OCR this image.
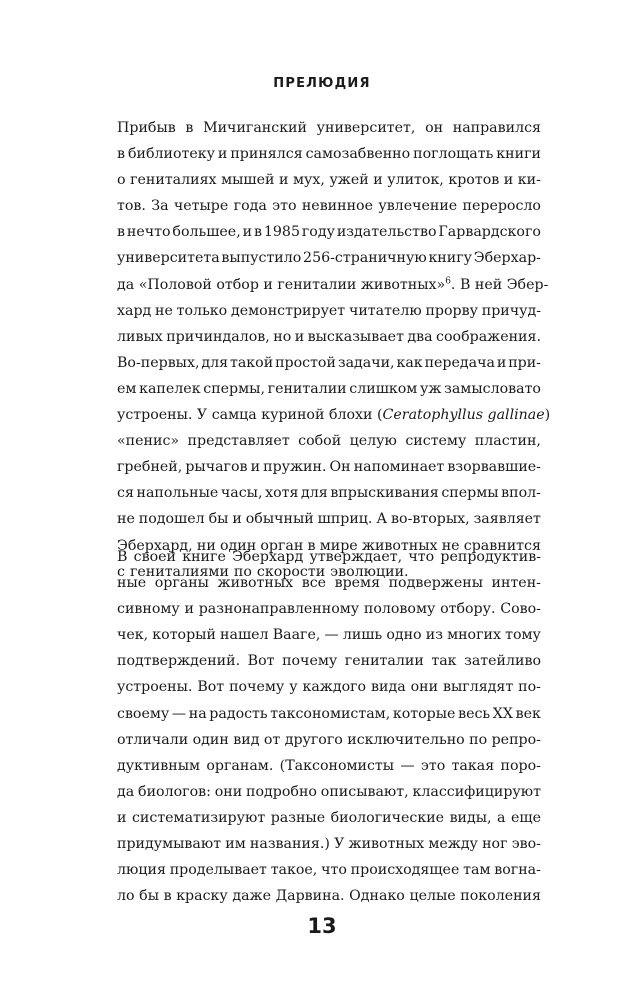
ПРЕЛЮДИЯ
Прибыв в Мичиганский университет, он направился
в библиотеку и принялся самозабвенно поглощать книги
о гениталиях мышей и мух, ужей и улиток, кротов и ки-
тов. За четыре года это невинное увлечение переросло
в нечто большее, и в 1985 году издательство Гарвардского
университета выпустило 256-страничную книгу Эберхар-
да «Половой отбор и гениталии животных» $^6$. В ней Эбер-
хард не только демонстрирует читателю прорву причуд-
ливых причиндалов, но и высказывает два соображения.
Во-первых, для такой простой задачи, как передача и при-
ем капелек спермы, гениталии слишком уж замысловато
устроены. У самца куриной блохи ( Ceratophyllus gallinae)
«пенис» представляет собой целую систему пластин,
гребней, рычагов и пружин. Он напоминает взорвавшие-
ся напольные часы, хотя для впрыскивания спермы впол-
не подошел бы и обычный шприц. А во-вторых, заявляет
Эберхард, ни один орган в мире животных не сравнится
с гениталиями по скорости эволюции.
В своей книге Эберхард утверждает, что репродуктив-
ные органы животных все время подвержены интен-
сивному и разнонаправленному половому отбору. Сово-
чек, который нашел Вааге, — лишь одно из многих тому
подтверждений. Вот почему гениталии так затейливо
устроены. Вот почему у каждого вида они выглядят по-
своему — на радость таксономистам, которые весь XX век
отличали один вид от другого исключительно по репро-
дуктивным органам. (Таксономисты — это такая поро-
да биологов: они подробно описывают, классифицируют
и систематизируют разные биологические виды, а еще
придумывают им названия.) У животных между ног эво-
люция проделывает такое, что происходящее там вогна-
ло бы в краску даже Дарвина. Однако целые поколения
13
